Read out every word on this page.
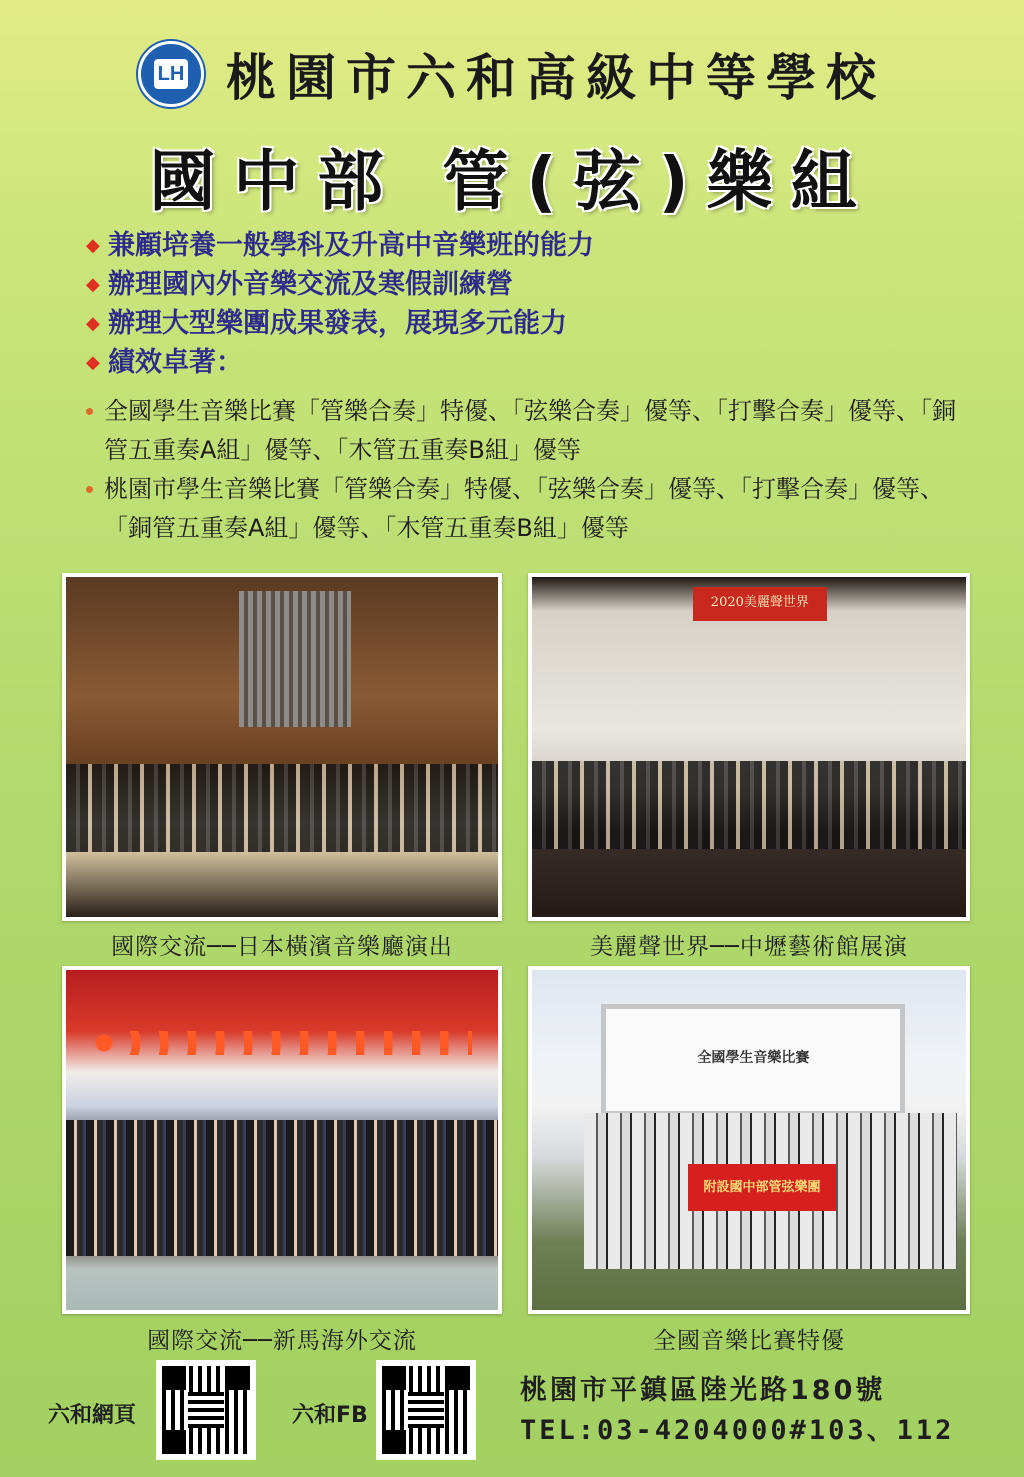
LH 桃園市六和高級中等學校
國中部 管(弦)樂組
◆ 兼顧培養一般學科及升高中音樂班的能力
◆ 辦理國內外音樂交流及寒假訓練營
◆ 辦理大型樂團成果發表，展現多元能力
◆ 績效卓著：
全國學生音樂比賽「管樂合奏」特優、「弦樂合奏」優等、「打擊合奏」優等、「銅管五重奏A組」優等、「木管五重奏B組」優等
桃園市學生音樂比賽「管樂合奏」特優、「弦樂合奏」優等、「打擊合奏」優等、「銅管五重奏A組」優等、「木管五重奏B組」優等
國際交流──日本橫濱音樂廳演出
2020美麗聲世界
美麗聲世界──中壢藝術館展演
國際交流──新馬海外交流
全國學生音樂比賽
附設國中部管弦樂團
全國音樂比賽特優
六和網頁	六和FB
桃園市平鎮區陸光路180號
TEL:03-4204000#103、112
